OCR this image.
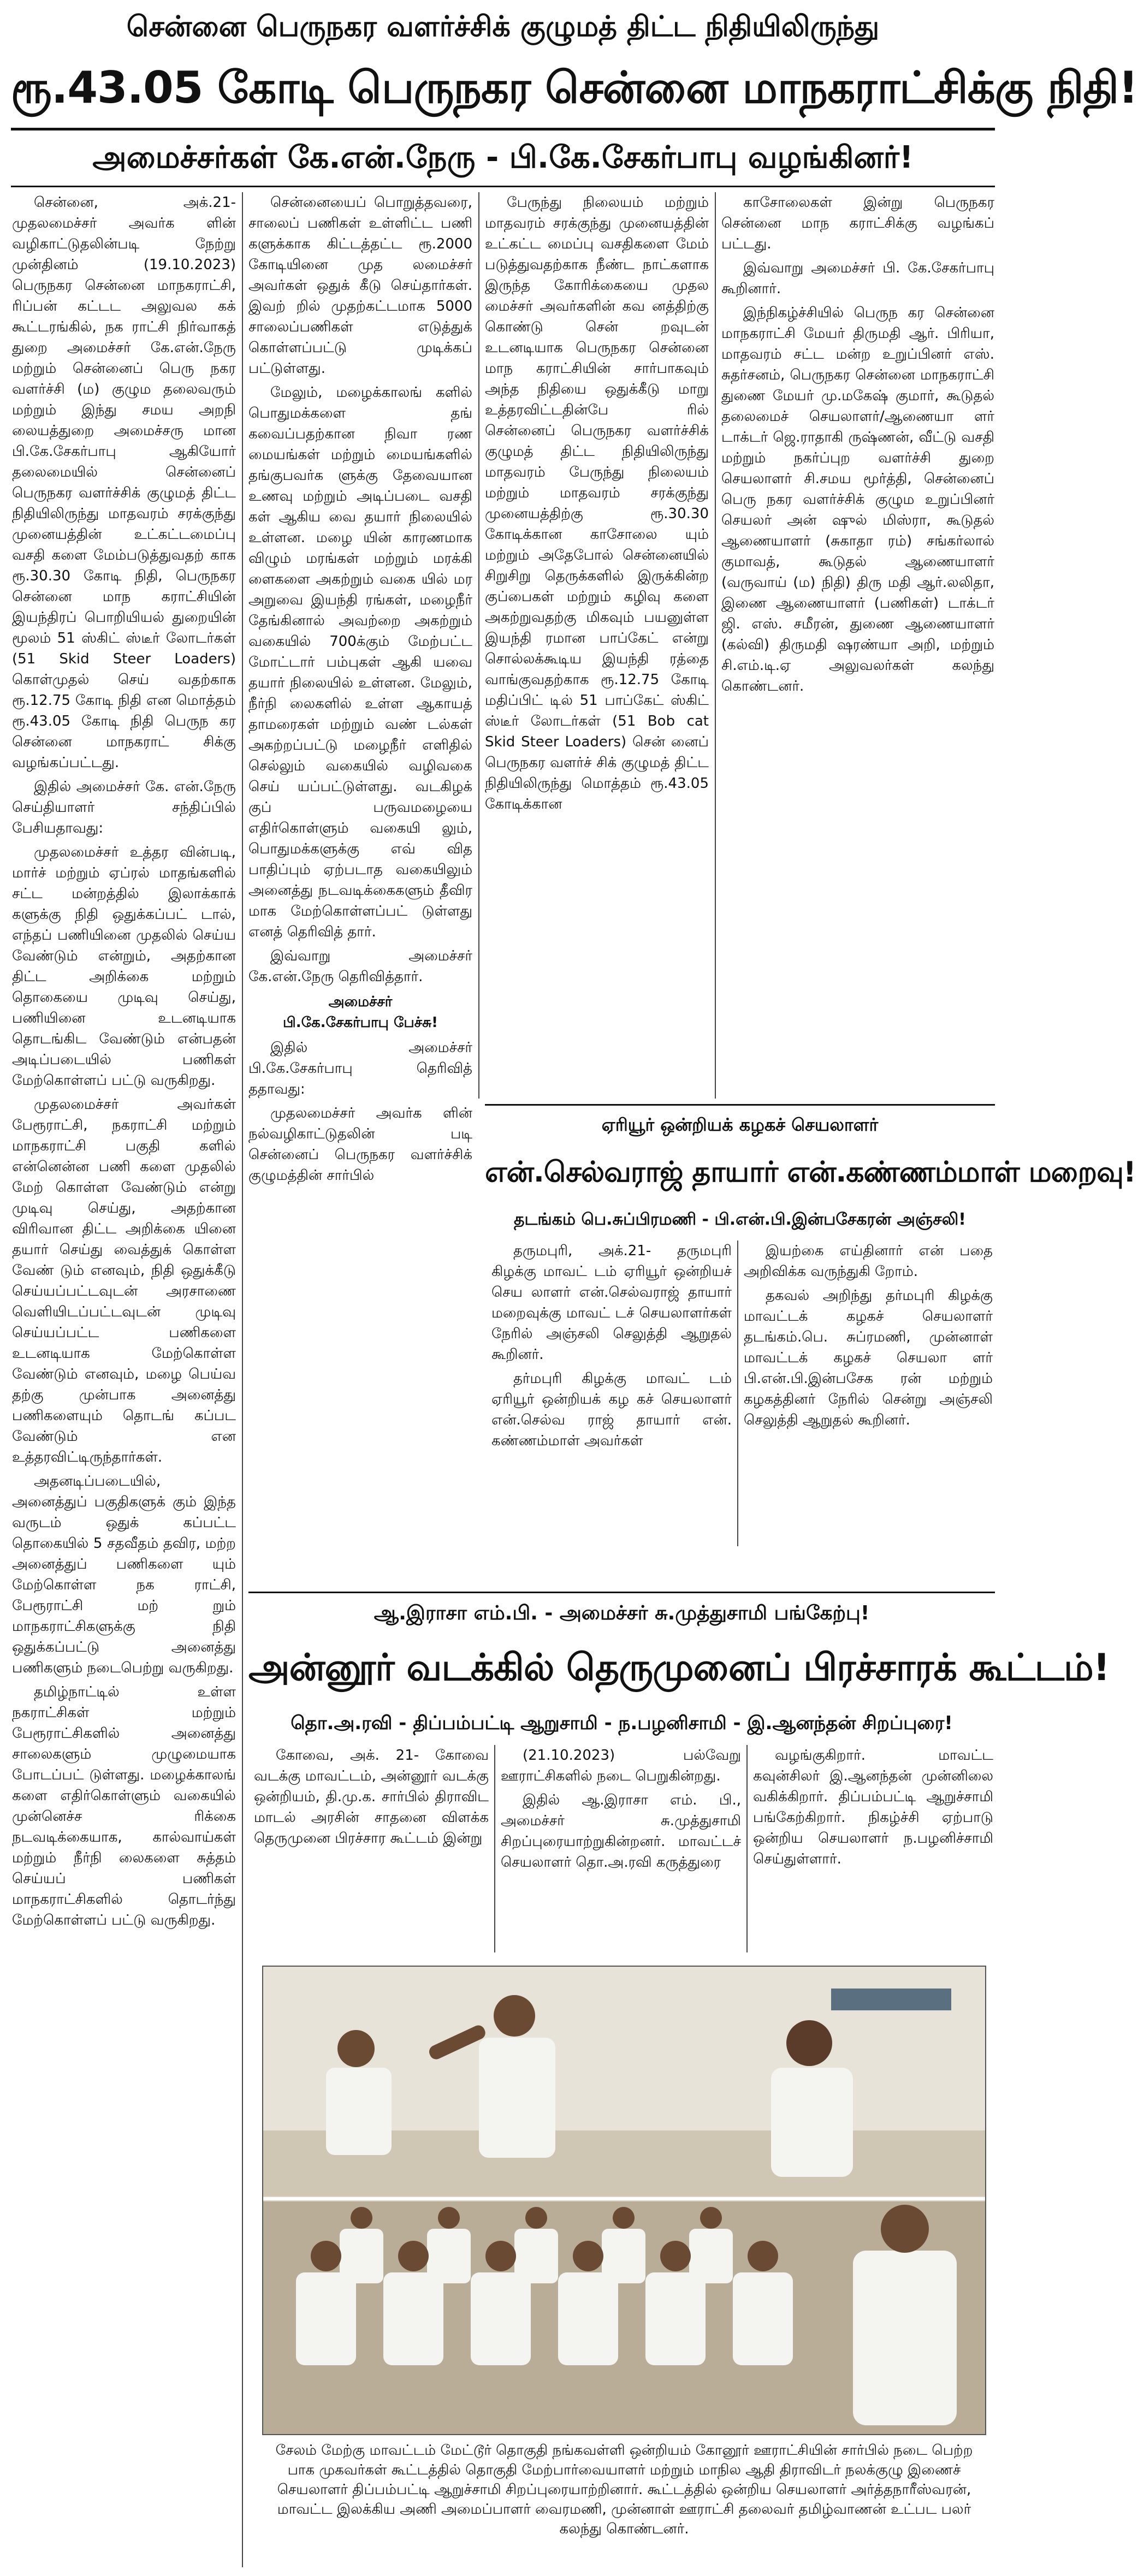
சென்னை பெருநகர வளர்ச்சிக் குழுமத் திட்ட நிதியிலிருந்து
ரூ.43.05 கோடி பெருநகர சென்னை மாநகராட்சிக்கு நிதி!
அமைச்சர்கள் கே.என்.நேரு - பி.கே.சேகர்பாபு வழங்கினர்!

சென்னை, அக்.21- முதலமைச்சர் அவர்க ளின் வழிகாட்டுதலின்படி நேற்று முன்தினம் (19.10.2023) பெருநகர சென்னை மாநகராட்சி, ரிப்பன் கட்டட அலுவல கக் கூட்டரங்கில், நக ராட்சி நிர்வாகத் துறை அமைச்சர் கே.என்.நேரு மற்றும் சென்னைப் பெரு நகர வளர்ச்சி (ம) குழும தலைவரும் மற்றும் இந்து சமய அறநி லையத்துறை அமைச்சரு மான பி.கே.சேகர்பாபு ஆகியோர் தலைமையில் சென்னைப் பெருநகர வளர்ச்சிக் குழுமத் திட்ட நிதியிலிருந்து மாதவரம் சரக்குந்து முனையத்தின் உட்கட்டமைப்பு வசதி களை மேம்படுத்துவதற் காக ரூ.30.30 கோடி நிதி, பெருநகர சென்னை மாந கராட்சியின் இயந்திரப் பொறியியல் துறையின் மூலம் 51 ஸ்கிட் ஸ்டீர் லோடர்கள் (51 Skid Steer Loaders) கொள்முதல் செய் வதற்காக ரூ.12.75 கோடி நிதி என மொத்தம் ரூ.43.05 கோடி நிதி பெருந கர சென்னை மாநகராட் சிக்கு வழங்கப்பட்டது.

இதில் அமைச்சர் கே. என்.நேரு செய்தியாளர் சந்திப்பில் பேசியதாவது:

முதலமைச்சர் உத்தர வின்படி, மார்ச் மற்றும் ஏப்ரல் மாதங்களில் சட்ட மன்றத்தில் இலாக்காக் களுக்கு நிதி ஒதுக்கப்பட் டால், எந்தப் பணியினை முதலில் செய்ய வேண்டும் என்றும், அதற்கான திட்ட அறிக்கை மற்றும் தொகையை முடிவு செய்து, பணியினை உடனடியாக தொடங்கிட வேண்டும் என்பதன் அடிப்படையில் பணிகள் மேற்கொள்ளப் பட்டு வருகிறது.

முதலமைச்சர் அவர்கள் பேரூராட்சி, நகராட்சி மற்றும் மாநகராட்சி பகுதி களில் என்னென்ன பணி களை முதலில் மேற் கொள்ள வேண்டும் என்று முடிவு செய்து, அதற்கான விரிவான திட்ட அறிக்கை யினை தயார் செய்து வைத்துக் கொள்ள வேண் டும் எனவும், நிதி ஒதுக்கீடு செய்யப்பட்டவுடன் அரசாணை வெளியிடப்பட்டவுடன் முடிவு செய்யப்பட்ட பணிகளை உடனடியாக மேற்கொள்ள வேண்டும் எனவும், மழை பெய்வ தற்கு முன்பாக அனைத்து பணிகளையும் தொடங் கப்பட வேண்டும் என உத்தரவிட்டிருந்தார்கள்.

அதனடிப்படையில், அனைத்துப் பகுதிகளுக் கும் இந்த வருடம் ஒதுக் கப்பட்ட தொகையில் 5 சதவீதம் தவிர, மற்ற அனைத்துப் பணிகளை யும் மேற்கொள்ள நக ராட்சி, பேரூராட்சி மற் றும் மாநகராட்சிகளுக்கு நிதி ஒதுக்கப்பட்டு அனைத்து பணிகளும் நடைபெற்று வருகிறது.

தமிழ்நாட்டில் உள்ள நகராட்சிகள் மற்றும் பேரூராட்சிகளில் அனைத்து சாலைகளும் முழுமையாக போடப்பட் டுள்ளது. மழைக்காலங் களை எதிர்கொள்ளும் வகையில் முன்னெச்ச ரிக்கை நடவடிக்கையாக, கால்வாய்கள் மற்றும் நீர்நி லைகளை சுத்தம் செய்யப் பணிகள் மாநகராட்சிகளில் தொடர்ந்து மேற்கொள்ளப் பட்டு வருகிறது.

சென்னையைப் பொறுத்தவரை, சாலைப் பணிகள் உள்ளிட்ட பணி களுக்காக கிட்டத்தட்ட ரூ.2000 கோடியினை முத லமைச்சர் அவர்கள் ஒதுக் கீடு செய்தார்கள். இவற் றில் முதற்கட்டமாக 5000 சாலைப்பணிகள் எடுத்துக் கொள்ளப்பட்டு முடிக்கப் பட்டுள்ளது.

மேலும், மழைக்காலங் களில் பொதுமக்களை தங் கவைப்பதற்கான நிவா ரண மையங்கள் மற்றும் மையங்களில் தங்குபவர்க ளுக்கு தேவையான உணவு மற்றும் அடிப்படை வசதி கள் ஆகிய வை தயார் நிலையில் உள்ளன. மழை யின் காரணமாக விழும் மரங்கள் மற்றும் மரக்கி ளைகளை அகற்றும் வகை யில் மர அறுவை இயந்தி ரங்கள், மழைநீர் தேங்கினால் அவற்றை அகற்றும் வகையில் 700க்கும் மேற்பட்ட மோட்டார் பம்புகள் ஆகி யவை தயார் நிலையில் உள்ளன. மேலும், நீர்நி லைகளில் உள்ள ஆகாயத் தாமரைகள் மற்றும் வண் டல்கள் அகற்றப்பட்டு மழைநீர் எளிதில் செல்லும் வகையில் வழிவகை செய் யப்பட்டுள்ளது. வடகிழக் குப் பருவமழையை எதிர்கொள்ளும் வகையி லும், பொதுமக்களுக்கு எவ் வித பாதிப்பும் ஏற்படாத வகையிலும் அனைத்து நடவடிக்கைகளும் தீவிர மாக மேற்கொள்ளப்பட் டுள்ளது எனத் தெரிவித் தார்.

இவ்வாறு அமைச்சர் கே.என்.நேரு தெரிவித்தார்.

அமைச்சர்
பி.கே.சேகர்பாபு பேச்சு!

இதில் அமைச்சர் பி.கே.சேகர்பாபு தெரிவித் ததாவது:

முதலமைச்சர் அவர்க ளின் நல்வழிகாட்டுதலின் படி சென்னைப் பெருநகர வளர்ச்சிக் குழுமத்தின் சார்பில்

பேருந்து நிலையம் மற்றும் மாதவரம் சரக்குந்து முனையத்தின் உட்கட்ட மைப்பு வசதிகளை மேம் படுத்துவதற்காக நீண்ட நாட்களாக இருந்த கோரிக்கையை முதல மைச்சர் அவர்களின் கவ னத்திற்கு கொண்டு சென் றவுடன் உடனடியாக பெருநகர சென்னை மாந கராட்சியின் சார்பாகவும் அந்த நிதியை ஒதுக்கீடு மாறு உத்தரவிட்டதின்பே ரில் சென்னைப் பெருநகர வளர்ச்சிக் குழுமத் திட்ட நிதியிலிருந்து மாதவரம் பேருந்து நிலையம் மற்றும் மாதவரம் சரக்குந்து முனையத்திற்கு ரூ.30.30 கோடிக்கான காசோலை யும் மற்றும் அதேபோல் சென்னையில் சிறுசிறு தெருக்களில் இருக்கின்ற குப்பைகள் மற்றும் கழிவு களை அகற்றுவதற்கு மிகவும் பயனுள்ள இயந்தி ரமான பாப்கேட் என்று சொல்லக்கூடிய இயந்தி ரத்தை வாங்குவதற்காக ரூ.12.75 கோடி மதிப்பிட் டில் 51 பாப்கேட் ஸ்கிட் ஸ்டீர் லோடர்கள் (51 Bob cat Skid Steer Loaders) சென் னைப் பெருநகர வளர்ச் சிக் குழுமத் திட்ட நிதியிலிருந்து மொத்தம் ரூ.43.05 கோடிக்கான

காசோலைகள் இன்று பெருநகர சென்னை மாந கராட்சிக்கு வழங்கப் பட்டது.

இவ்வாறு அமைச்சர் பி. கே.சேகர்பாபு கூறினார்.

இந்நிகழ்ச்சியில் பெருந கர சென்னை மாநகராட்சி மேயர் திருமதி ஆர். பிரியா, மாதவரம் சட்ட மன்ற உறுப்பினர் எஸ். சுதர்சனம், பெருநகர சென்னை மாநகராட்சி துணை மேயர் மு.மகேஷ் குமார், கூடுதல் தலைமைச் செயலாளர்/ஆணையா ளர் டாக்டர் ஜெ.ராதாகி ருஷ்ணன், வீட்டு வசதி மற்றும் நகர்ப்புற வளர்ச்சி துறை செயலாளர் சி.சமய மூர்த்தி, சென்னைப் பெரு நகர வளர்ச்சிக் குழும உறுப்பினர் செயலர் அன் ஷுல் மிஸ்ரா, கூடுதல் ஆணையாளர் (சுகாதா ரம்) சங்கர்லால் குமாவத், கூடுதல் ஆணையாளர் (வருவாய் (ம) நிதி) திரு மதி ஆர்.லலிதா, இணை ஆணையாளர் (பணிகள்) டாக்டர் ஜி. எஸ். சமீரன், துணை ஆணையாளர் (கல்வி) திருமதி ஷரண்யா அறி, மற்றும் சி.எம்.டி.ஏ அலுவலர்கள் கலந்து கொண்டனர்.

ஏரியூர் ஒன்றியக் கழகச் செயலாளர்
என்.செல்வராஜ் தாயார் என்.கண்ணம்மாள் மறைவு!
தடங்கம் பெ.சுப்பிரமணி - பி.என்.பி.இன்பசேகரன் அஞ்சலி!

தருமபுரி, அக்.21- தருமபுரி கிழக்கு மாவட் டம் ஏரியூர் ஒன்றியச் செய லாளர் என்.செல்வராஜ் தாயார் மறைவுக்கு மாவட் டச் செயலாளர்கள் நேரில் அஞ்சலி செலுத்தி ஆறுதல் கூறினர்.

தர்மபுரி கிழக்கு மாவட் டம் ஏரியூர் ஒன்றியக் கழ கச் செயலாளர் என்.செல்வ ராஜ் தாயார் என். கண்ணம்மாள் அவர்கள்

இயற்கை எய்தினார் என் பதை அறிவிக்க வருந்துகி றோம்.

தகவல் அறிந்து தர்மபுரி கிழக்கு மாவட்டக் கழகச் செயலாளர் தடங்கம்.பெ. சுப்ரமணி, முன்னாள் மாவட்டக் கழகச் செயலா ளர் பி.என்.பி.இன்பசேக ரன் மற்றும் கழகத்தினர் நேரில் சென்று அஞ்சலி செலுத்தி ஆறுதல் கூறினர்.

ஆ.இராசா எம்.பி. - அமைச்சர் சு.முத்துசாமி பங்கேற்பு!
அன்னூர் வடக்கில் தெருமுனைப் பிரச்சாரக் கூட்டம்!
தொ.அ.ரவி - திப்பம்பட்டி ஆறுசாமி - ந.பழனிசாமி - இ.ஆனந்தன் சிறப்புரை!

கோவை, அக். 21- கோவை வடக்கு மாவட்டம், அன்னூர் வடக்கு ஒன்றியம், தி.மு.க. சார்பில் திராவிட மாடல் அரசின் சாதனை விளக்க தெருமுனை பிரச்சார கூட்டம் இன்று

(21.10.2023) பல்வேறு ஊராட்சிகளில் நடை பெறுகின்றது.

இதில் ஆ.இராசா எம். பி., அமைச்சர் சு.முத்துசாமி சிறப்புரையாற்றுகின்றனர். மாவட்டச் செயலாளர் தொ.அ.ரவி கருத்துரை

வழங்குகிறார். மாவட்ட கவுன்சிலர் இ.ஆனந்தன் முன்னிலை வகிக்கிறார். திப்பம்பட்டி ஆறுச்சாமி பங்கேற்கிறார். நிகழ்ச்சி ஏற்பாடு ஒன்றிய செயலாளர் ந.பழனிச்சாமி செய்துள்ளார்.

சேலம் மேற்கு மாவட்டம் மேட்டூர் தொகுதி நங்கவள்ளி ஒன்றியம் கோனூர் ஊராட்சியின் சார்பில் நடை பெற்ற பாக முகவர்கள் கூட்டத்தில் தொகுதி மேற்பார்வையாளர் மற்றும் மாநில ஆதி திராவிடர் நலக்குழு இணைச் செயலாளர் திப்பம்பட்டி ஆறுச்சாமி சிறப்புரையாற்றினார். கூட்டத்தில் ஒன்றிய செயலாளர் அர்த்தநாரீஸ்வரன், மாவட்ட இலக்கிய அணி அமைப்பாளர் வைரமணி, முன்னாள் ஊராட்சி தலைவர் தமிழ்வாணன் உட்பட பலர் கலந்து கொண்டனர்.
